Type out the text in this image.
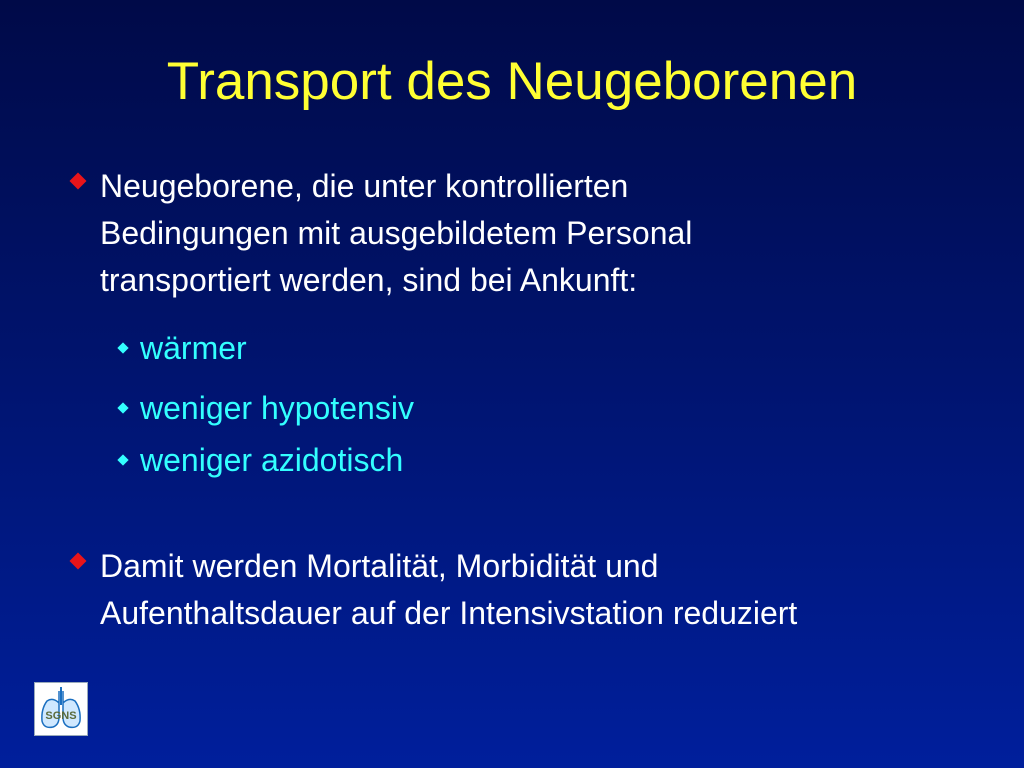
Transport des Neugeborenen
Neugeborene, die unter kontrollierten
Bedingungen mit ausgebildetem Personal
transportiert werden, sind bei Ankunft:
wärmer
weniger hypotensiv
weniger azidotisch
Damit werden Mortalität, Morbidität und
Aufenthaltsdauer auf der Intensivstation reduziert
SGNS
